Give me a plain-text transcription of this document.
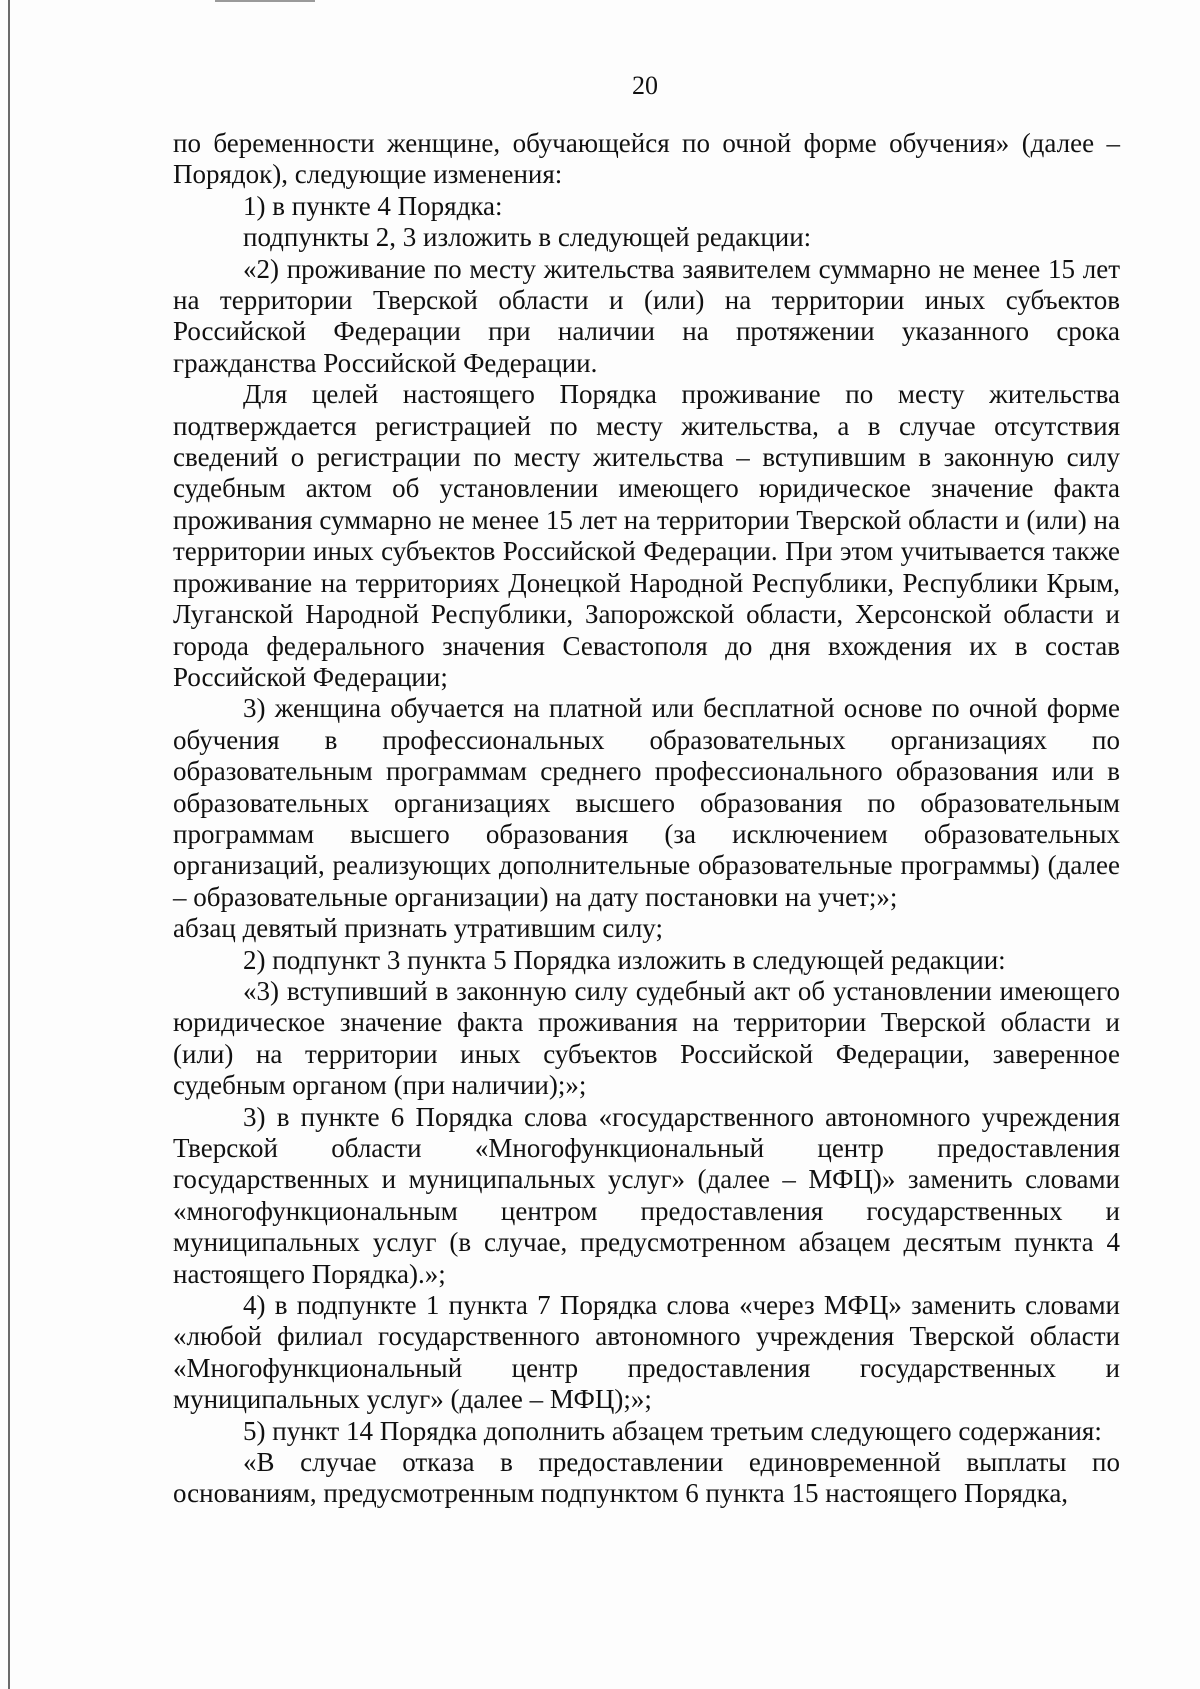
20

по беременности женщине, обучающейся по очной форме обучения» (далее – Порядок), следующие изменения:

1) в пункте 4 Порядка:

подпункты 2, 3 изложить в следующей редакции:

«2) проживание по месту жительства заявителем суммарно не менее 15 лет на территории Тверской области и (или) на территории иных субъектов Российской Федерации при наличии на протяжении указанного срока гражданства Российской Федерации.

Для целей настоящего Порядка проживание по месту жительства подтверждается регистрацией по месту жительства, а в случае отсутствия сведений о регистрации по месту жительства – вступившим в законную силу судебным актом об установлении имеющего юридическое значение факта проживания суммарно не менее 15 лет на территории Тверской области и (или) на территории иных субъектов Российской Федерации. При этом учитывается также проживание на территориях Донецкой Народной Республики, Республики Крым, Луганской Народной Республики, Запорожской области, Херсонской области и города федерального значения Севастополя до дня вхождения их в состав Российской Федерации;

3) женщина обучается на платной или бесплатной основе по очной форме обучения в профессиональных образовательных организациях по образовательным программам среднего профессионального образования или в образовательных организациях высшего образования по образовательным программам высшего образования (за исключением образовательных организаций, реализующих дополнительные образовательные программы) (далее – образовательные организации) на дату постановки на учет;»;

абзац девятый признать утратившим силу;

2) подпункт 3 пункта 5 Порядка изложить в следующей редакции:

«3) вступивший в законную силу судебный акт об установлении имеющего юридическое значение факта проживания на территории Тверской области и (или) на территории иных субъектов Российской Федерации, заверенное судебным органом (при наличии);»;

3) в пункте 6 Порядка слова «государственного автономного учреждения Тверской области «Многофункциональный центр предоставления государственных и муниципальных услуг» (далее – МФЦ)» заменить словами «многофункциональным центром предоставления государственных и муниципальных услуг (в случае, предусмотренном абзацем десятым пункта 4 настоящего Порядка).»;

4) в подпункте 1 пункта 7 Порядка слова «через МФЦ» заменить словами «любой филиал государственного автономного учреждения Тверской области «Многофункциональный центр предоставления государственных и муниципальных услуг» (далее – МФЦ);»;

5) пункт 14 Порядка дополнить абзацем третьим следующего содержания:

«В случае отказа в предоставлении единовременной выплаты по основаниям, предусмотренным подпунктом 6 пункта 15 настоящего Порядка,
